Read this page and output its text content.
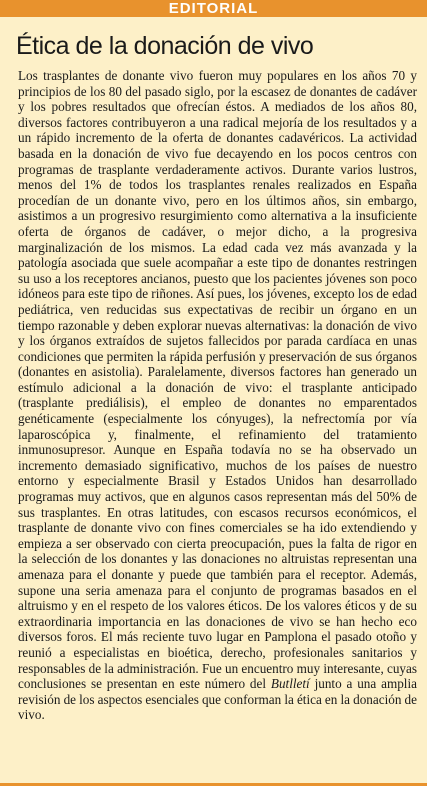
EDITORIAL
Ética de la donación de vivo

Los trasplantes de donante vivo fueron muy populares en los años 70 y principios de los 80 del pasado siglo, por la escasez de donantes de cadáver y los pobres resultados que ofrecían éstos. A mediados de los años 80, diversos factores contribuyeron a una radical mejoría de los resultados y a un rápido incremento de la oferta de donantes cadavéricos. La actividad basada en la donación de vivo fue decayendo en los pocos centros con programas de trasplante verdaderamente activos. Durante varios lustros, menos del 1% de todos los trasplantes renales realizados en España procedían de un donante vivo, pero en los últimos años, sin embargo, asistimos a un progresivo resurgimiento como alternativa a la insuficiente oferta de órganos de cadáver, o mejor dicho, a la progresiva marginalización de los mismos. La edad cada vez más avanzada y la patología asociada que suele acompañar a este tipo de donantes restringen su uso a los receptores ancianos, puesto que los pacientes jóvenes son poco idóneos para este tipo de riñones. Así pues, los jóvenes, excepto los de edad pediátrica, ven reducidas sus expectativas de recibir un órgano en un tiempo razonable y deben explorar nuevas alternativas: la donación de vivo y los órganos extraídos de sujetos fallecidos por parada cardíaca en unas condiciones que permiten la rápida perfusión y preservación de sus órganos (donantes en asistolia). Paralelamente, diversos factores han generado un estímulo adicional a la donación de vivo: el trasplante anticipado (trasplante prediálisis), el empleo de donantes no emparentados genéticamente (especialmente los cónyuges), la nefrectomía por vía laparoscópica y, finalmente, el refinamiento del tratamiento inmunosupresor. Aunque en España todavía no se ha observado un incremento demasiado significativo, muchos de los países de nuestro entorno y especialmente Brasil y Estados Unidos han desarrollado programas muy activos, que en algunos casos representan más del 50% de sus trasplantes. En otras latitudes, con escasos recursos económicos, el trasplante de donante vivo con fines comerciales se ha ido extendiendo y empieza a ser observado con cierta preocupación, pues la falta de rigor en la selección de los donantes y las donaciones no altruistas representan una amenaza para el donante y puede que también para el receptor. Además, supone una seria amenaza para el conjunto de programas basados en el altruismo y en el respeto de los valores éticos. De los valores éticos y de su extraordinaria importancia en las donaciones de vivo se han hecho eco diversos foros. El más reciente tuvo lugar en Pamplona el pasado otoño y reunió a especialistas en bioética, derecho, profesionales sanitarios y responsables de la administración. Fue un encuentro muy interesante, cuyas conclusiones se presentan en este número del Butlletí junto a una amplia revisión de los aspectos esenciales que conforman la ética en la donación de vivo.
